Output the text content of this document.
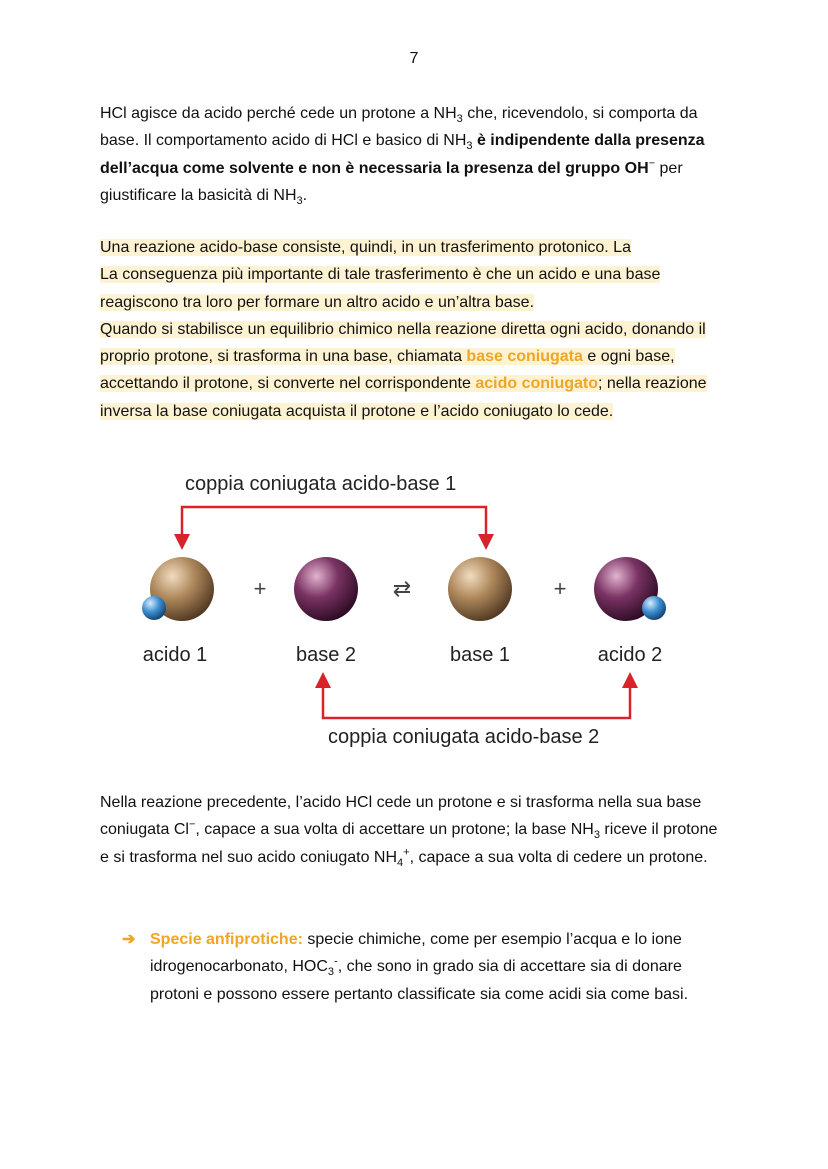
7
HCl agisce da acido perché cede un protone a $NH_3$ che, ricevendolo, si comporta da base. Il comportamento acido di HCl e basico di $NH_3$ è indipendente dalla presenza dell’acqua come solvente e non è necessaria la presenza del gruppo OH− per giustificare la basicità di $NH_3$.
Una reazione acido-base consiste, quindi, in un trasferimento protonico. La
La conseguenza più importante di tale trasferimento è che un acido e una base reagiscono tra loro per formare un altro acido e un’altra base.
Quando si stabilisce un equilibrio chimico nella reazione diretta ogni acido, donando il proprio protone, si trasforma in una base, chiamata base coniugata e ogni base, accettando il protone, si converte nel corrispondente acido coniugato; nella reazione inversa la base coniugata acquista il protone e l’acido coniugato lo cede.
coppia coniugata acido-base 1
+	⇄	+
acido 1	base 2	base 1	acido 2
coppia coniugata acido-base 2
Nella reazione precedente, l’acido HCl cede un protone e si trasforma nella sua base coniugata Cl−, capace a sua volta di accettare un protone; la base $NH_3$ riceve il protone e si trasforma nel suo acido coniugato $NH_4^+$, capace a sua volta di cedere un protone.
➔ Specie anfiprotiche: specie chimiche, come per esempio l’acqua e lo ione idrogenocarbonato, $HOC_3^-$, che sono in grado sia di accettare sia di donare protoni e possono essere pertanto classificate sia come acidi sia come basi.
